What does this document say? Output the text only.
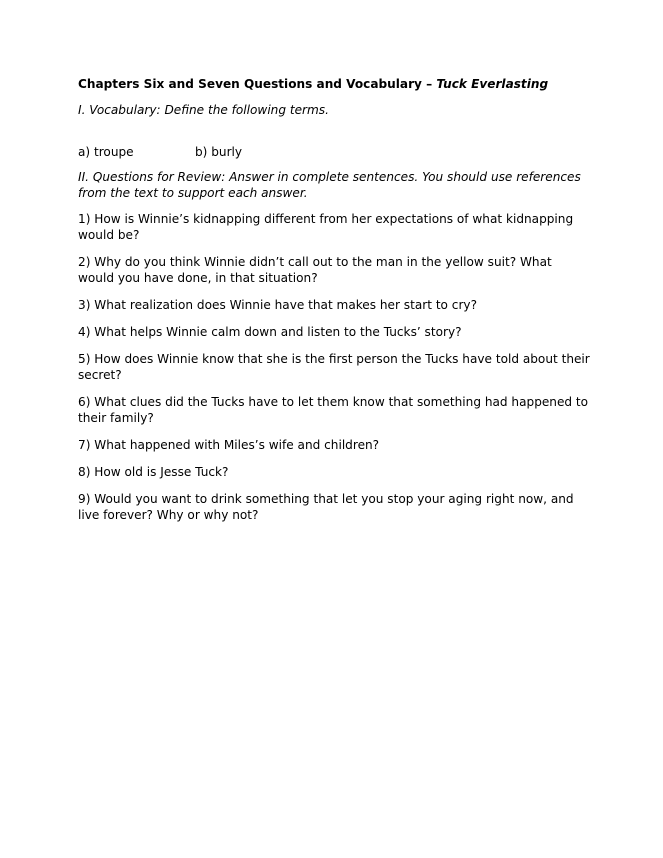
Chapters Six and Seven Questions and Vocabulary – Tuck Everlasting
I. Vocabulary: Define the following terms.
a) troupe	b) burly
II. Questions for Review: Answer in complete sentences. You should use references from the text to support each answer.
1) How is Winnie’s kidnapping different from her expectations of what kidnapping would be?
2) Why do you think Winnie didn’t call out to the man in the yellow suit? What would you have done, in that situation?
3) What realization does Winnie have that makes her start to cry?
4) What helps Winnie calm down and listen to the Tucks’ story?
5) How does Winnie know that she is the first person the Tucks have told about their secret?
6) What clues did the Tucks have to let them know that something had happened to their family?
7) What happened with Miles’s wife and children?
8) How old is Jesse Tuck?
9) Would you want to drink something that let you stop your aging right now, and live forever? Why or why not?
